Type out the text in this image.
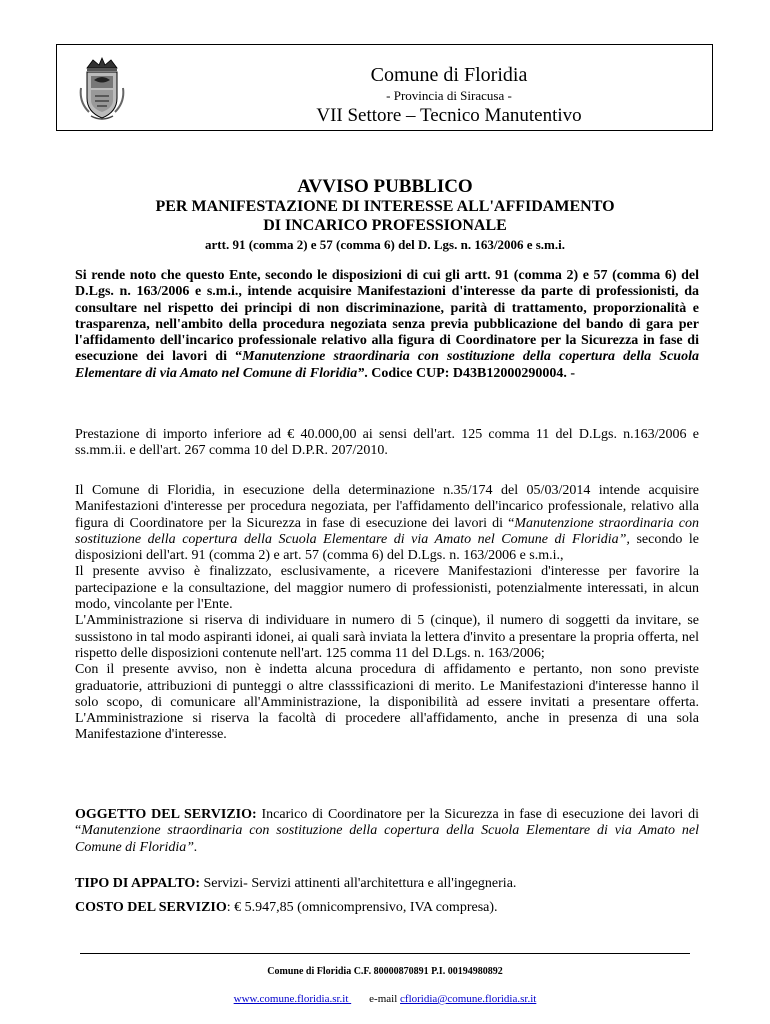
Comune di Floridia
- Provincia di Siracusa -
VII Settore – Tecnico Manutentivo
AVVISO PUBBLICO
PER MANIFESTAZIONE DI INTERESSE ALL'AFFIDAMENTO
DI INCARICO PROFESSIONALE
artt. 91 (comma 2) e 57 (comma 6) del D. Lgs. n. 163/2006 e s.m.i.
Si rende noto che questo Ente, secondo le disposizioni di cui gli artt. 91 (comma 2) e 57 (comma 6) del D.Lgs. n. 163/2006 e s.m.i., intende acquisire Manifestazioni d'interesse da parte di professionisti, da consultare nel rispetto dei principi di non discriminazione, parità di trattamento, proporzionalità e trasparenza, nell'ambito della procedura negoziata senza previa pubblicazione del bando di gara per l'affidamento dell'incarico professionale relativo alla figura di Coordinatore per la Sicurezza in fase di esecuzione dei lavori di “Manutenzione straordinaria con sostituzione della copertura della Scuola Elementare di via Amato nel Comune di Floridia”. Codice CUP: D43B12000290004. -
Prestazione di importo inferiore ad € 40.000,00 ai sensi dell'art. 125 comma 11 del D.Lgs. n.163/2006 e ss.mm.ii. e dell'art. 267 comma 10 del D.P.R. 207/2010.

Il Comune di Floridia, in esecuzione della determinazione n.35/174 del 05/03/2014 intende acquisire Manifestazioni d'interesse per procedura negoziata, per l'affidamento dell'incarico professionale, relativo alla figura di Coordinatore per la Sicurezza in fase di esecuzione dei lavori di “Manutenzione straordinaria con sostituzione della copertura della Scuola Elementare di via Amato nel Comune di Floridia”, secondo le disposizioni dell'art. 91 (comma 2) e art. 57 (comma 6) del D.Lgs. n. 163/2006 e s.m.i.,

Il presente avviso è finalizzato, esclusivamente, a ricevere Manifestazioni d'interesse per favorire la partecipazione e la consultazione, del maggior numero di professionisti, potenzialmente interessati, in alcun modo, vincolante per l'Ente.

L'Amministrazione si riserva di individuare in numero di 5 (cinque), il numero di soggetti da invitare, se sussistono in tal modo aspiranti idonei, ai quali sarà inviata la lettera d'invito a presentare la propria offerta, nel rispetto delle disposizioni contenute nell'art. 125 comma 11 del D.Lgs. n. 163/2006;

Con il presente avviso, non è indetta alcuna procedura di affidamento e pertanto, non sono previste graduatorie, attribuzioni di punteggi o altre classsificazioni di merito. Le Manifestazioni d'interesse hanno il solo scopo, di comunicare all'Amministrazione, la disponibilità ad essere invitati a presentare offerta. L'Amministrazione si riserva la facoltà di procedere all'affidamento, anche in presenza di una sola Manifestazione d'interesse.

OGGETTO DEL SERVIZIO: Incarico di Coordinatore per la Sicurezza in fase di esecuzione dei lavori di “Manutenzione straordinaria con sostituzione della copertura della Scuola Elementare di via Amato nel Comune di Floridia”.
TIPO DI APPALTO: Servizi- Servizi attinenti all'architettura e all'ingegneria.
COSTO DEL SERVIZIO: € 5.947,85 (omnicomprensivo, IVA compresa).
Comune di Floridia C.F. 80000870891 P.I. 00194980892
www.comune.floridia.sr.it e-mail cfloridia@comune.floridia.sr.it
